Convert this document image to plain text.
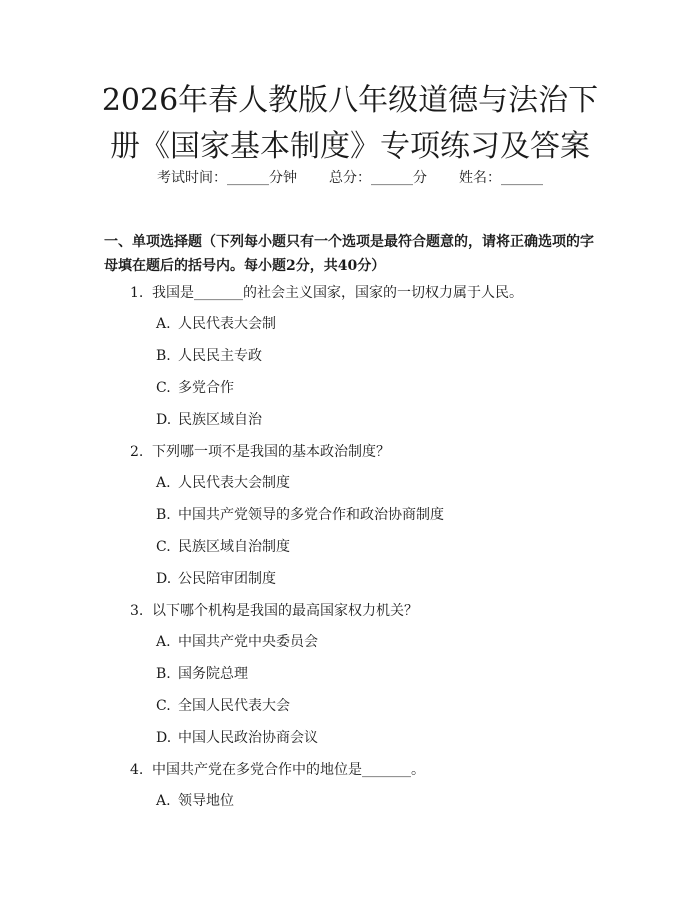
2026年春人教版八年级道德与法治下册《国家基本制度》专项练习及答案
考试时间：______分钟 总分：______分 姓名：______

一、单项选择题（下列每小题只有一个选项是最符合题意的，请将正确选项的字母填在题后的括号内。每小题2分，共40分）

1. 我国是_______的社会主义国家，国家的一切权力属于人民。
A. 人民代表大会制
B. 人民民主专政
C. 多党合作
D. 民族区域自治
2. 下列哪一项不是我国的基本政治制度？
A. 人民代表大会制度
B. 中国共产党领导的多党合作和政治协商制度
C. 民族区域自治制度
D. 公民陪审团制度
3. 以下哪个机构是我国的最高国家权力机关？
A. 中国共产党中央委员会
B. 国务院总理
C. 全国人民代表大会
D. 中国人民政治协商会议
4. 中国共产党在多党合作中的地位是_______。
A. 领导地位
